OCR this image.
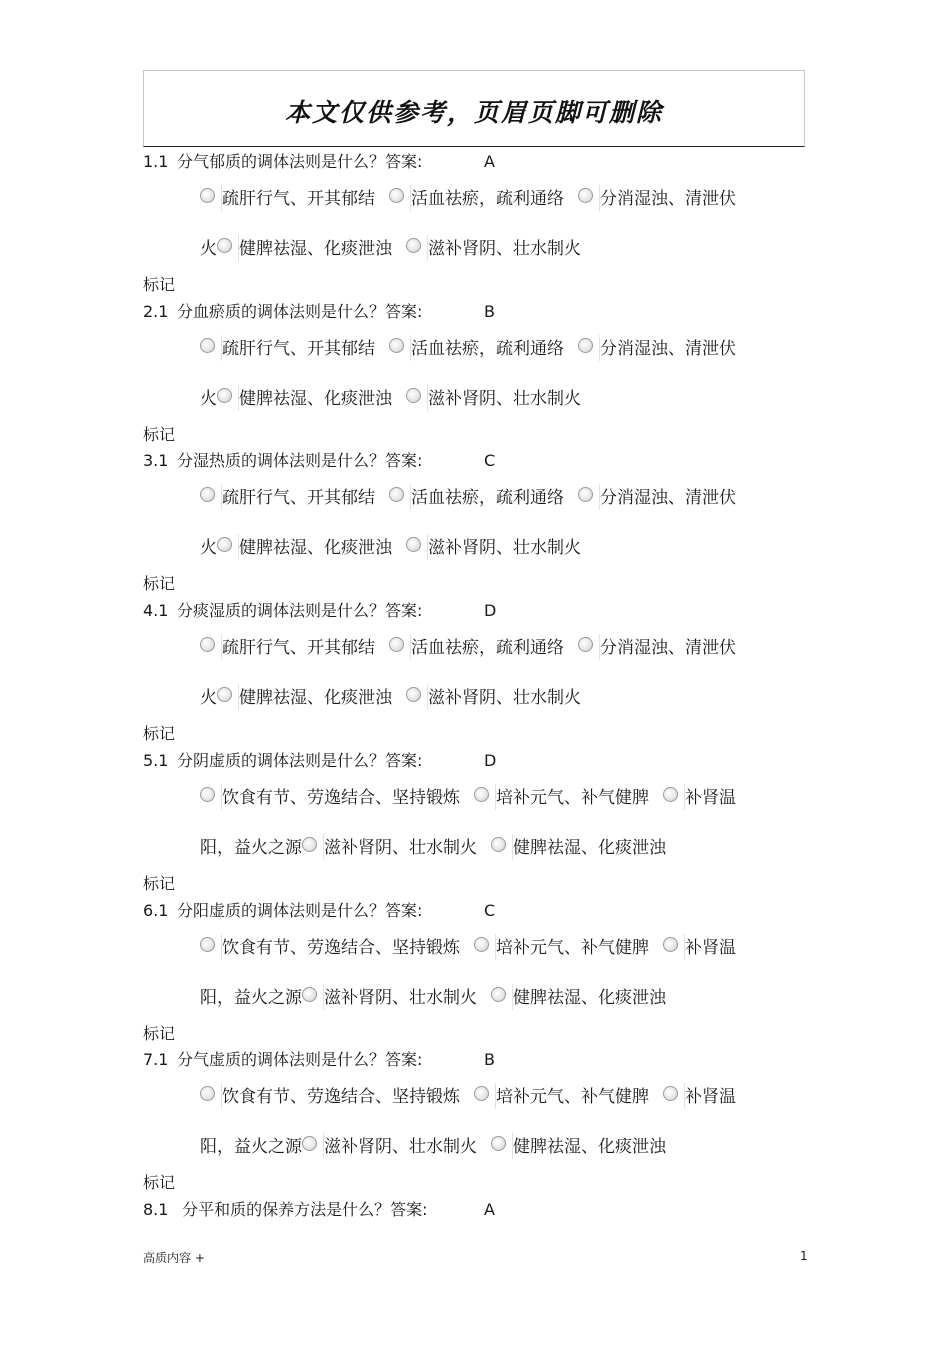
本文仅供参考，页眉页脚可删除
1.1 分气郁质的调体法则是什么？答案:	A
疏肝行气、开其郁结 活血祛瘀，疏利通络 分消湿浊、清泄伏
火 健脾祛湿、化痰泄浊 滋补肾阴、壮水制火
标记
2.1 分血瘀质的调体法则是什么？答案:	B
疏肝行气、开其郁结 活血祛瘀，疏利通络 分消湿浊、清泄伏
火 健脾祛湿、化痰泄浊 滋补肾阴、壮水制火
标记
3.1 分湿热质的调体法则是什么？答案:	C
疏肝行气、开其郁结 活血祛瘀，疏利通络 分消湿浊、清泄伏
火 健脾祛湿、化痰泄浊 滋补肾阴、壮水制火
标记
4.1 分痰湿质的调体法则是什么？答案:	D
疏肝行气、开其郁结 活血祛瘀，疏利通络 分消湿浊、清泄伏
火 健脾祛湿、化痰泄浊 滋补肾阴、壮水制火
标记
5.1 分阴虚质的调体法则是什么？答案:	D
饮食有节、劳逸结合、坚持锻炼 培补元气、补气健脾 补肾温
阳，益火之源 滋补肾阴、壮水制火 健脾祛湿、化痰泄浊
标记
6.1 分阳虚质的调体法则是什么？答案:	C
饮食有节、劳逸结合、坚持锻炼 培补元气、补气健脾 补肾温
阳，益火之源 滋补肾阴、壮水制火 健脾祛湿、化痰泄浊
标记
7.1 分气虚质的调体法则是什么？答案:	B
饮食有节、劳逸结合、坚持锻炼 培补元气、补气健脾 补肾温
阳，益火之源 滋补肾阴、壮水制火 健脾祛湿、化痰泄浊
标记
8.1 分平和质的保养方法是什么？答案:	A
高质内容 +	1
